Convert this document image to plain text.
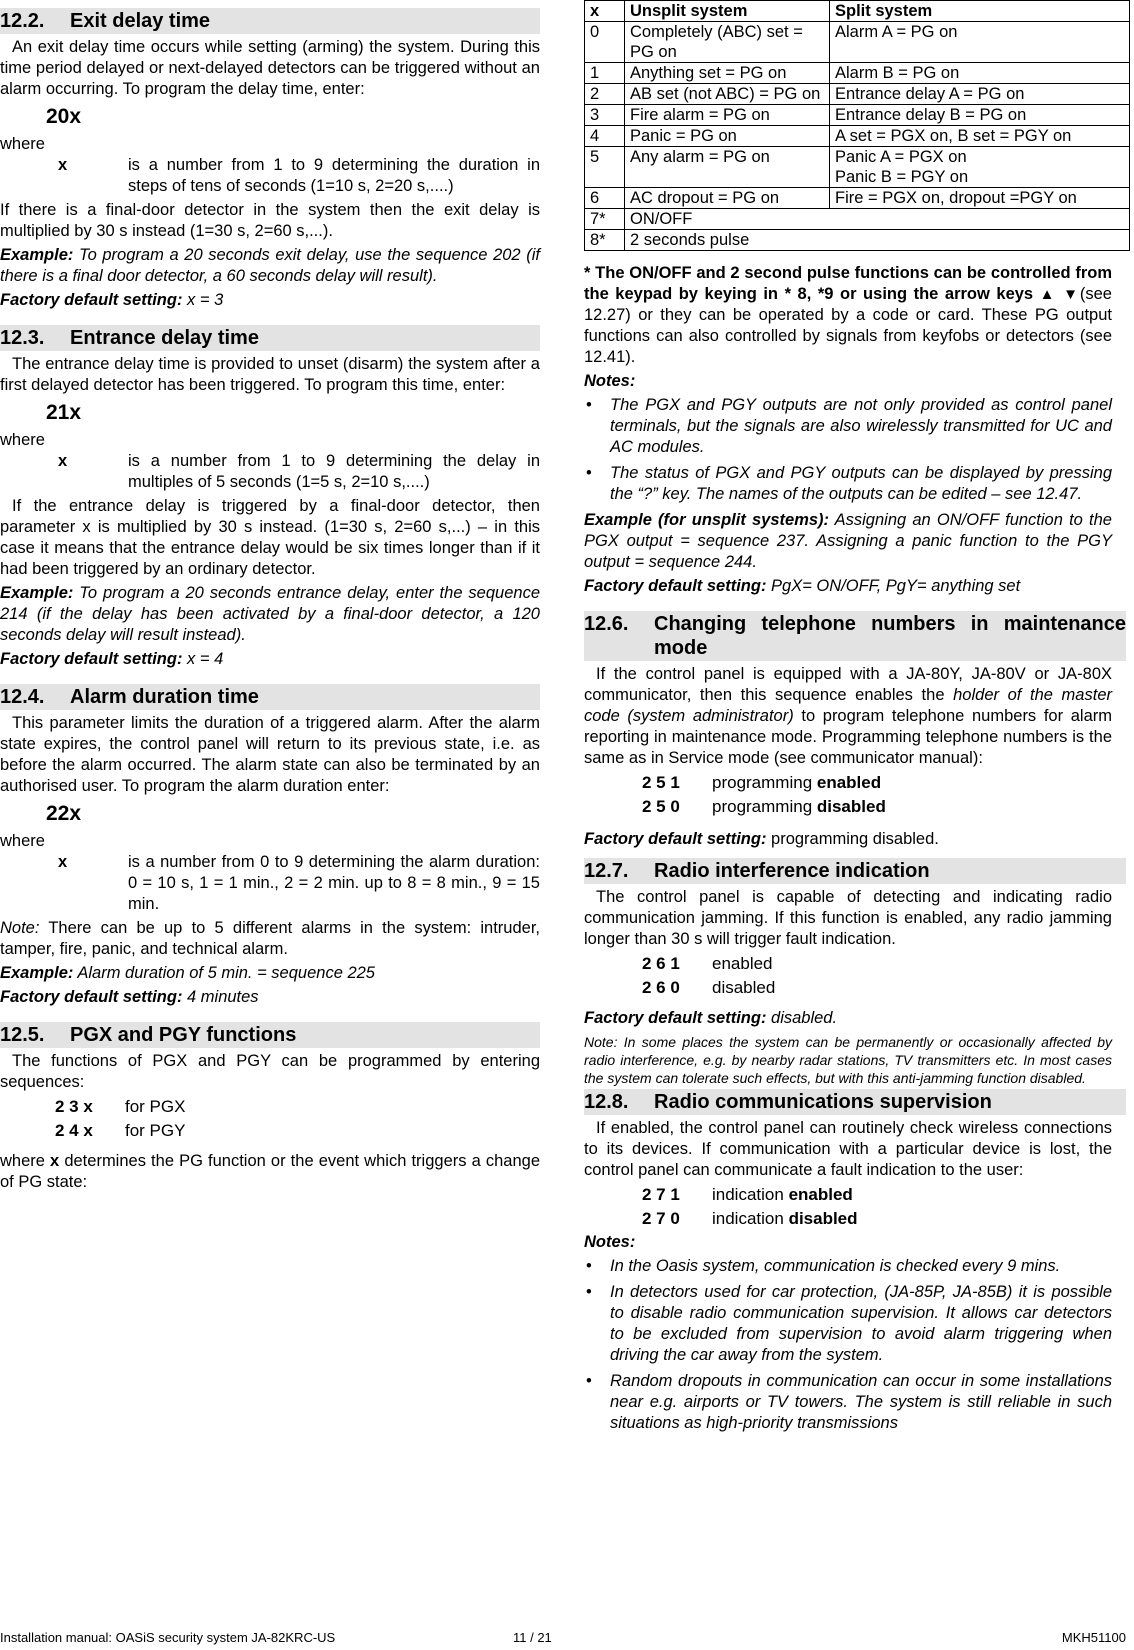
12.2.	Exit delay time

An exit delay time occurs while setting (arming) the system. During this time period delayed or next-delayed detectors can be triggered without an alarm occurring. To program the delay time, enter:

20x

where

x	is a number from 1 to 9 determining the duration in steps of tens of seconds (1=10 s, 2=20 s,....)

If there is a final-door detector in the system then the exit delay is multiplied by 30 s instead (1=30 s, 2=60 s,...).

Example: To program a 20 seconds exit delay, use the sequence 202 (if there is a final door detector, a 60 seconds delay will result).

Factory default setting: x = 3

12.3.	Entrance delay time

The entrance delay time is provided to unset (disarm) the system after a first delayed detector has been triggered. To program this time, enter:

21x

where

x	is a number from 1 to 9 determining the delay in multiples of 5 seconds (1=5 s, 2=10 s,....)

If the entrance delay is triggered by a final-door detector, then parameter x is multiplied by 30 s instead. (1=30 s, 2=60 s,...) – in this case it means that the entrance delay would be six times longer than if it had been triggered by an ordinary detector.

Example: To program a 20 seconds entrance delay, enter the sequence 214 (if the delay has been activated by a final-door detector, a 120 seconds delay will result instead).

Factory default setting: x = 4

12.4.	Alarm duration time

This parameter limits the duration of a triggered alarm. After the alarm state expires, the control panel will return to its previous state, i.e. as before the alarm occurred. The alarm state can also be terminated by an authorised user. To program the alarm duration enter:

22x

where

x	is a number from 0 to 9 determining the alarm duration: 0 = 10 s, 1 = 1 min., 2 = 2 min. up to 8 = 8 min., 9 = 15 min.

Note: There can be up to 5 different alarms in the system: intruder, tamper, fire, panic, and technical alarm.

Example: Alarm duration of 5 min. = sequence 225

Factory default setting: 4 minutes

12.5.	PGX and PGY functions

The functions of PGX and PGY can be programmed by entering sequences:

2 3 x	for PGX
2 4 x	for PGY

where x determines the PG function or the event which triggers a change of PG state:

x	Unsplit system	Split system
0	Completely (ABC) set = PG on	Alarm A = PG on
1	Anything set = PG on	Alarm B = PG on
2	AB set (not ABC) = PG on	Entrance delay A = PG on
3	Fire alarm = PG on	Entrance delay B = PG on
4	Panic = PG on	A set = PGX on, B set = PGY on
5	Any alarm = PG on	Panic A = PGX on
Panic B = PGY on
6	AC dropout = PG on	Fire = PGX on, dropout =PGY on
7*	ON/OFF	
8*	2 seconds pulse	

* The ON/OFF and 2 second pulse functions can be controlled from the keypad by keying in * 8, *9 or using the arrow keys ▲ ▼(see 12.27) or they can be operated by a code or card. These PG output functions can also controlled by signals from keyfobs or detectors (see 12.41).

Notes:

•	The PGX and PGY outputs are not only provided as control panel terminals, but the signals are also wirelessly transmitted for UC and AC modules.
•	The status of PGX and PGY outputs can be displayed by pressing the “?” key. The names of the outputs can be edited – see 12.47.

Example (for unsplit systems): Assigning an ON/OFF function to the PGX output = sequence 237. Assigning a panic function to the PGY output = sequence 244.

Factory default setting: PgX= ON/OFF, PgY= anything set

12.6.	Changing telephone numbers in maintenance mode

If the control panel is equipped with a JA-80Y, JA-80V or JA-80X communicator, then this sequence enables the holder of the master code (system administrator) to program telephone numbers for alarm reporting in maintenance mode. Programming telephone numbers is the same as in Service mode (see communicator manual):

2 5 1	programming enabled
2 5 0	programming disabled

Factory default setting: programming disabled.

12.7.	Radio interference indication

The control panel is capable of detecting and indicating radio communication jamming. If this function is enabled, any radio jamming longer than 30 s will trigger fault indication.

2 6 1	enabled
2 6 0	disabled

Factory default setting: disabled.

Note: In some places the system can be permanently or occasionally affected by radio interference, e.g. by nearby radar stations, TV transmitters etc. In most cases the system can tolerate such effects, but with this anti-jamming function disabled.

12.8.	Radio communications supervision

If enabled, the control panel can routinely check wireless connections to its devices. If communication with a particular device is lost, the control panel can communicate a fault indication to the user:

2 7 1	indication enabled
2 7 0	indication disabled

Notes:

•	In the Oasis system, communication is checked every 9 mins.
•	In detectors used for car protection, (JA-85P, JA-85B) it is possible to disable radio communication supervision. It allows car detectors to be excluded from supervision to avoid alarm triggering when driving the car away from the system.
•	Random dropouts in communication can occur in some installations near e.g. airports or TV towers. The system is still reliable in such situations as high-priority transmissions
Installation manual: OASiS security system JA-82KRC-US	11 / 21	MKH51100
